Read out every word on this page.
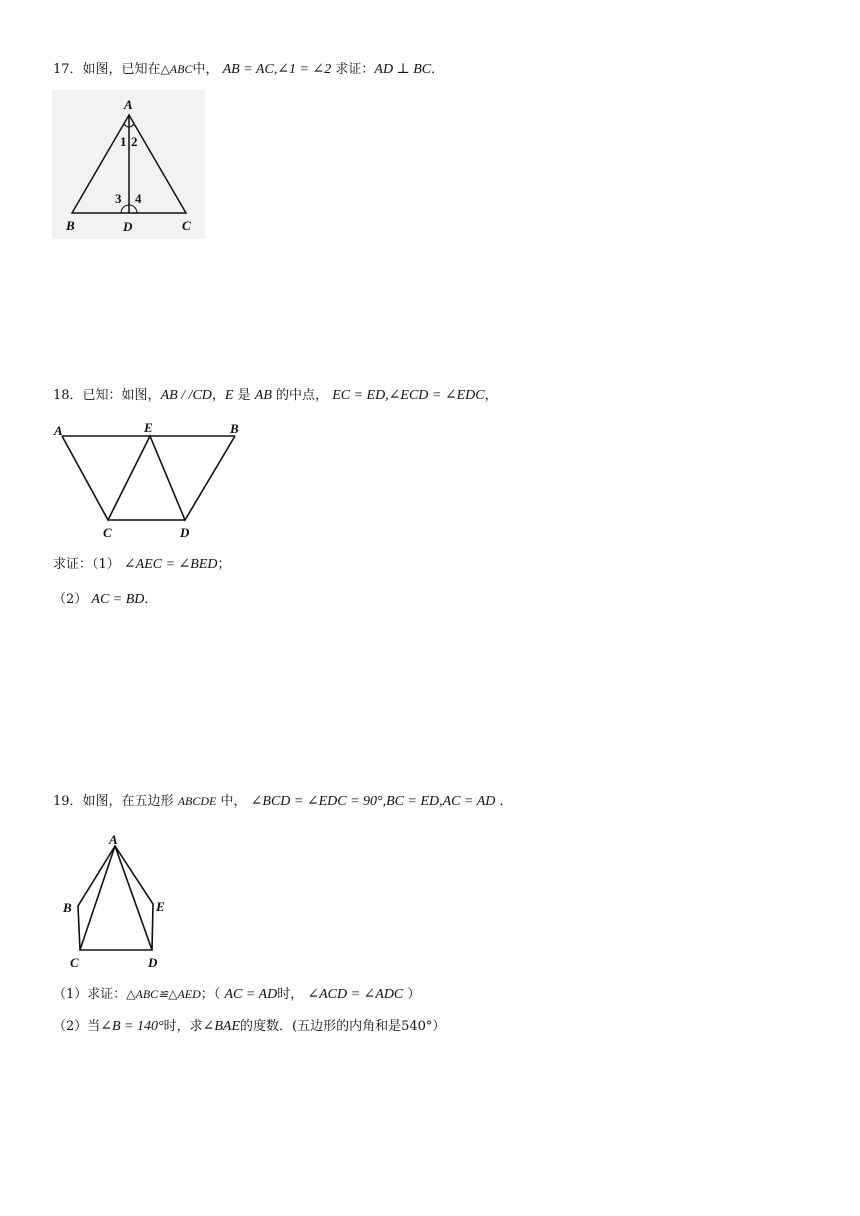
17．如图，已知在△ABC中， AB = AC,∠1 = ∠2 求证：AD ⊥ BC．
A
B	D	C
1 2
3 4
18．已知：如图，AB / /CD，E 是 AB 的中点， EC = ED,∠ECD = ∠EDC，
A	E	B
C	D
求证：（1） ∠AEC = ∠BED；
（2） AC = BD．
19．如图，在五边形 ABCDE 中， ∠BCD = ∠EDC = 90°,BC = ED,AC = AD ．
A
B	E
C	D
（1）求证：△ABC≌△AED；（ AC = AD时， ∠ACD = ∠ADC ）
（2）当∠B = 140°时，求∠BAE的度数．(五边形的内角和是540°）
